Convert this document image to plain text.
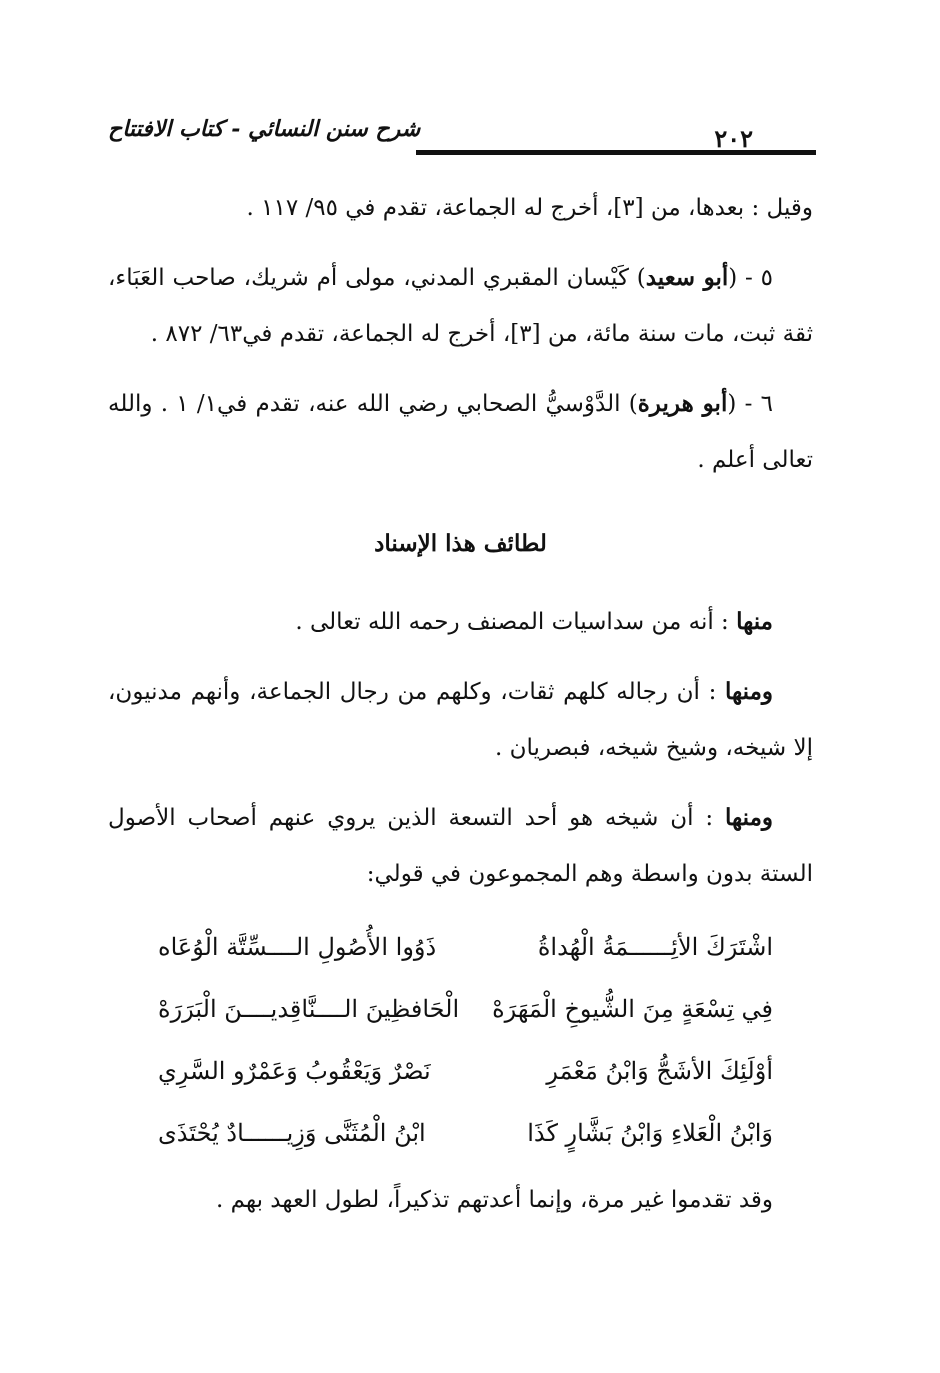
شرح سنن النسائي - كتاب الافتتاح	٢٠٢

وقيل : بعدها، من [٣]، أخرج له الجماعة، تقدم في ٩٥/ ١١٧ .

٥ - (أبو سعيد) كَيْسان المقبري المدني، مولى أم شريك، صاحب العَبَاء، ثقة ثبت، مات سنة مائة، من [٣]، أخرج له الجماعة، تقدم في٦٣/ ٨٧٢ .

٦ - (أبو هريرة) الدَّوْسيُّ الصحابي رضي الله عنه، تقدم في١/ ١ . والله تعالى أعلم .

لطائف هذا الإسناد

منها : أنه من سداسيات المصنف رحمه الله تعالى .

ومنها : أن رجاله كلهم ثقات، وكلهم من رجال الجماعة، وأنهم مدنيون، إلا شيخه، وشيخ شيخه، فبصريان .

ومنها : أن شيخه هو أحد التسعة الذين يروي عنهم أصحاب الأصول الستة بدون واسطة وهم المجموعون في قولي:

اشْتَرَكَ الأئِــــــمَةُ الْهُداةُ
ذَوُوا الأُصُولِ الــــسِّتَّة الْوُعَاه
فِي تِسْعَةٍ مِنَ الشُّيوخِ الْمَهَرَهْ
الْحَافظِينَ الــــنَّاقِديــــنَ الْبَرَرَهْ
أوْلَئِكَ الأشَجُّ وَابْنُ مَعْمَرِ
نَصْرٌ وَيَعْقُوبُ وَعَمْرٌو السَّرِي
وَابْنُ الْعَلاءِ وَابْنُ بَشَّارٍ كَذَا
ابْنُ الْمُثَنَّى وَزِيــــــادٌ يُحْتَذَى

وقد تقدموا غير مرة، وإنما أعدتهم تذكيراً، لطول العهد بهم .
